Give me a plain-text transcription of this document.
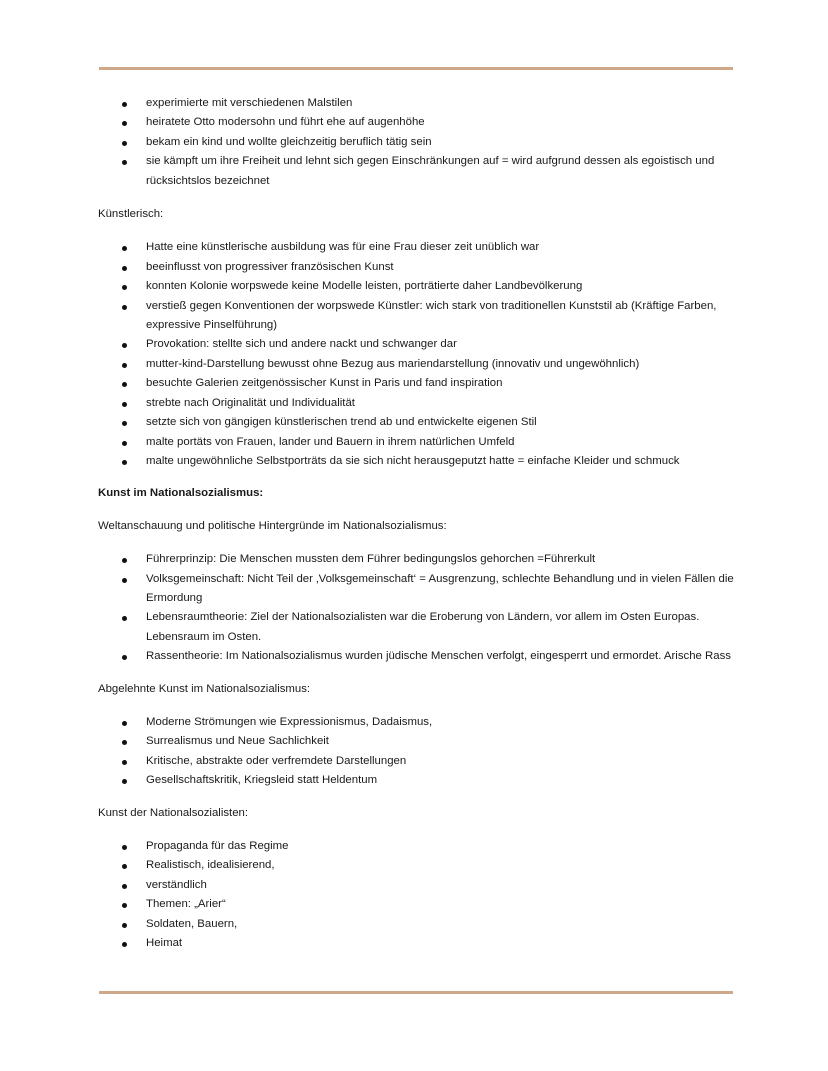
experimierte mit verschiedenen Malstilen
heiratete Otto modersohn und führt ehe auf augenhöhe
bekam ein kind und wollte gleichzeitig beruflich tätig sein
sie kämpft um ihre Freiheit und lehnt sich gegen Einschränkungen auf = wird aufgrund dessen als egoistisch und rücksichtslos bezeichnet

Künstlerisch:

Hatte eine künstlerische ausbildung was für eine Frau dieser zeit unüblich war
beeinflusst von progressiver französischen Kunst
konnten Kolonie worpswede keine Modelle leisten, porträtierte daher Landbevölkerung
verstieß gegen Konventionen der worpswede Künstler: wich stark von traditionellen Kunststil ab (Kräftige Farben, expressive Pinselführung)
Provokation: stellte sich und andere nackt und schwanger dar
mutter-kind-Darstellung bewusst ohne Bezug aus mariendarstellung (innovativ und ungewöhnlich)
besuchte Galerien zeitgenössischer Kunst in Paris und fand inspiration
strebte nach Originalität und Individualität
setzte sich von gängigen künstlerischen trend ab und entwickelte eigenen Stil
malte portäts von Frauen, lander und Bauern in ihrem natürlichen Umfeld
malte ungewöhnliche Selbstporträts da sie sich nicht herausgeputzt hatte = einfache Kleider und schmuck

Kunst im Nationalsozialismus:

Weltanschauung und politische Hintergründe im Nationalsozialismus:

Führerprinzip: Die Menschen mussten dem Führer bedingungslos gehorchen =Führerkult
Volksgemeinschaft: Nicht Teil der ‚Volksgemeinschaft‘ = Ausgrenzung, schlechte Behandlung und in vielen Fällen die Ermordung
Lebensraumtheorie: Ziel der Nationalsozialisten war die Eroberung von Ländern, vor allem im Osten Europas. Lebensraum im Osten.
Rassentheorie: Im Nationalsozialismus wurden jüdische Menschen verfolgt, eingesperrt und ermordet. Arische Rass

Abgelehnte Kunst im Nationalsozialismus:

Moderne Strömungen wie Expressionismus, Dadaismus,
Surrealismus und Neue Sachlichkeit
Kritische, abstrakte oder verfremdete Darstellungen
Gesellschaftskritik, Kriegsleid statt Heldentum

Kunst der Nationalsozialisten:

Propaganda für das Regime
Realistisch, idealisierend,
verständlich
Themen: „Arier“
Soldaten, Bauern,
Heimat
